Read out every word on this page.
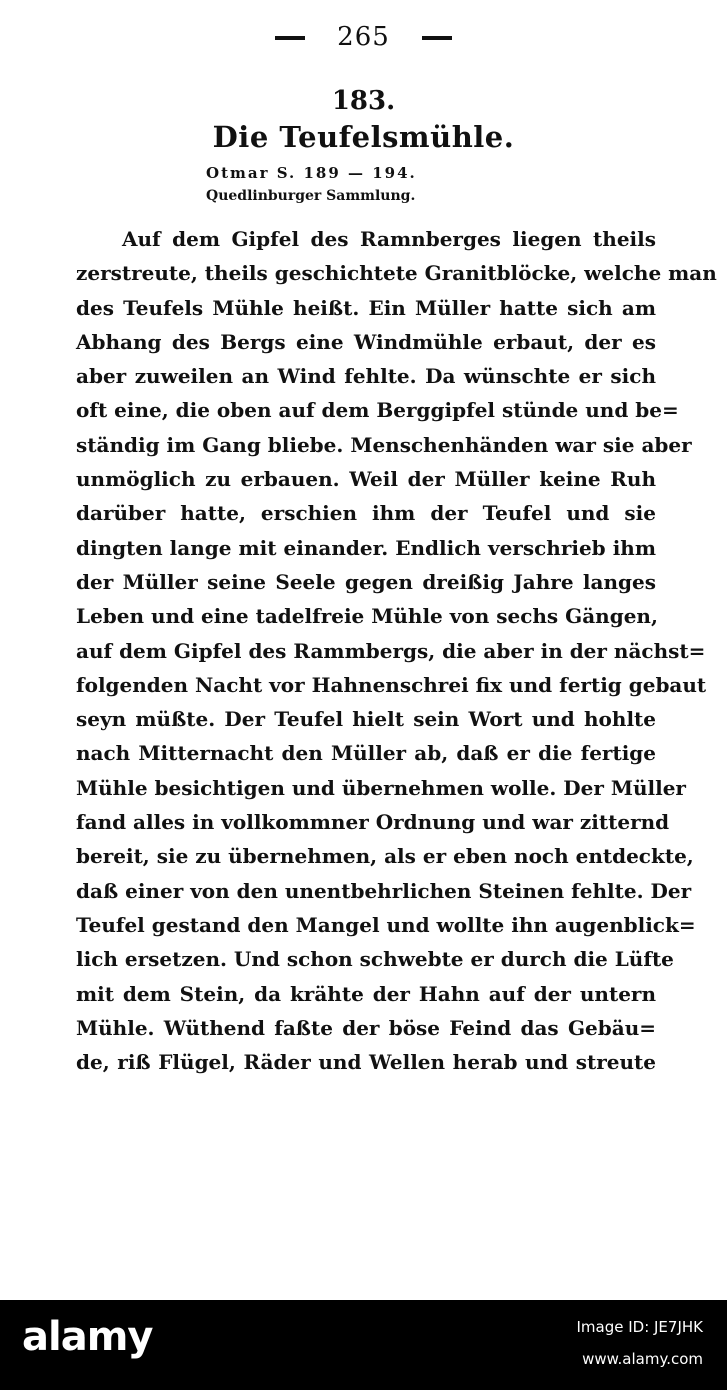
265
183.
Die Teufelsmühle.
Otmar S. 189 — 194.
Quedlinburger Sammlung.
Auf dem Gipfel des Ramnberges liegen theils
zerstreute, theils geschichtete Granitblöcke, welche man
des Teufels Mühle heißt. Ein Müller hatte sich am
Abhang des Bergs eine Windmühle erbaut, der es
aber zuweilen an Wind fehlte. Da wünschte er sich
oft eine, die oben auf dem Berggipfel stünde und be=
ständig im Gang bliebe. Menschenhänden war sie aber
unmöglich zu erbauen. Weil der Müller keine Ruh
darüber hatte, erschien ihm der Teufel und sie
dingten lange mit einander. Endlich verschrieb ihm
der Müller seine Seele gegen dreißig Jahre langes
Leben und eine tadelfreie Mühle von sechs Gängen,
auf dem Gipfel des Rammbergs, die aber in der nächst=
folgenden Nacht vor Hahnenschrei fix und fertig gebaut
seyn müßte. Der Teufel hielt sein Wort und hohlte
nach Mitternacht den Müller ab, daß er die fertige
Mühle besichtigen und übernehmen wolle. Der Müller
fand alles in vollkommner Ordnung und war zitternd
bereit, sie zu übernehmen, als er eben noch entdeckte,
daß einer von den unentbehrlichen Steinen fehlte. Der
Teufel gestand den Mangel und wollte ihn augenblick=
lich ersetzen. Und schon schwebte er durch die Lüfte
mit dem Stein, da krähte der Hahn auf der untern
Mühle. Wüthend faßte der böse Feind das Gebäu=
de, riß Flügel, Räder und Wellen herab und streute
alamy	Image ID: JE7JHK
www.alamy.com
